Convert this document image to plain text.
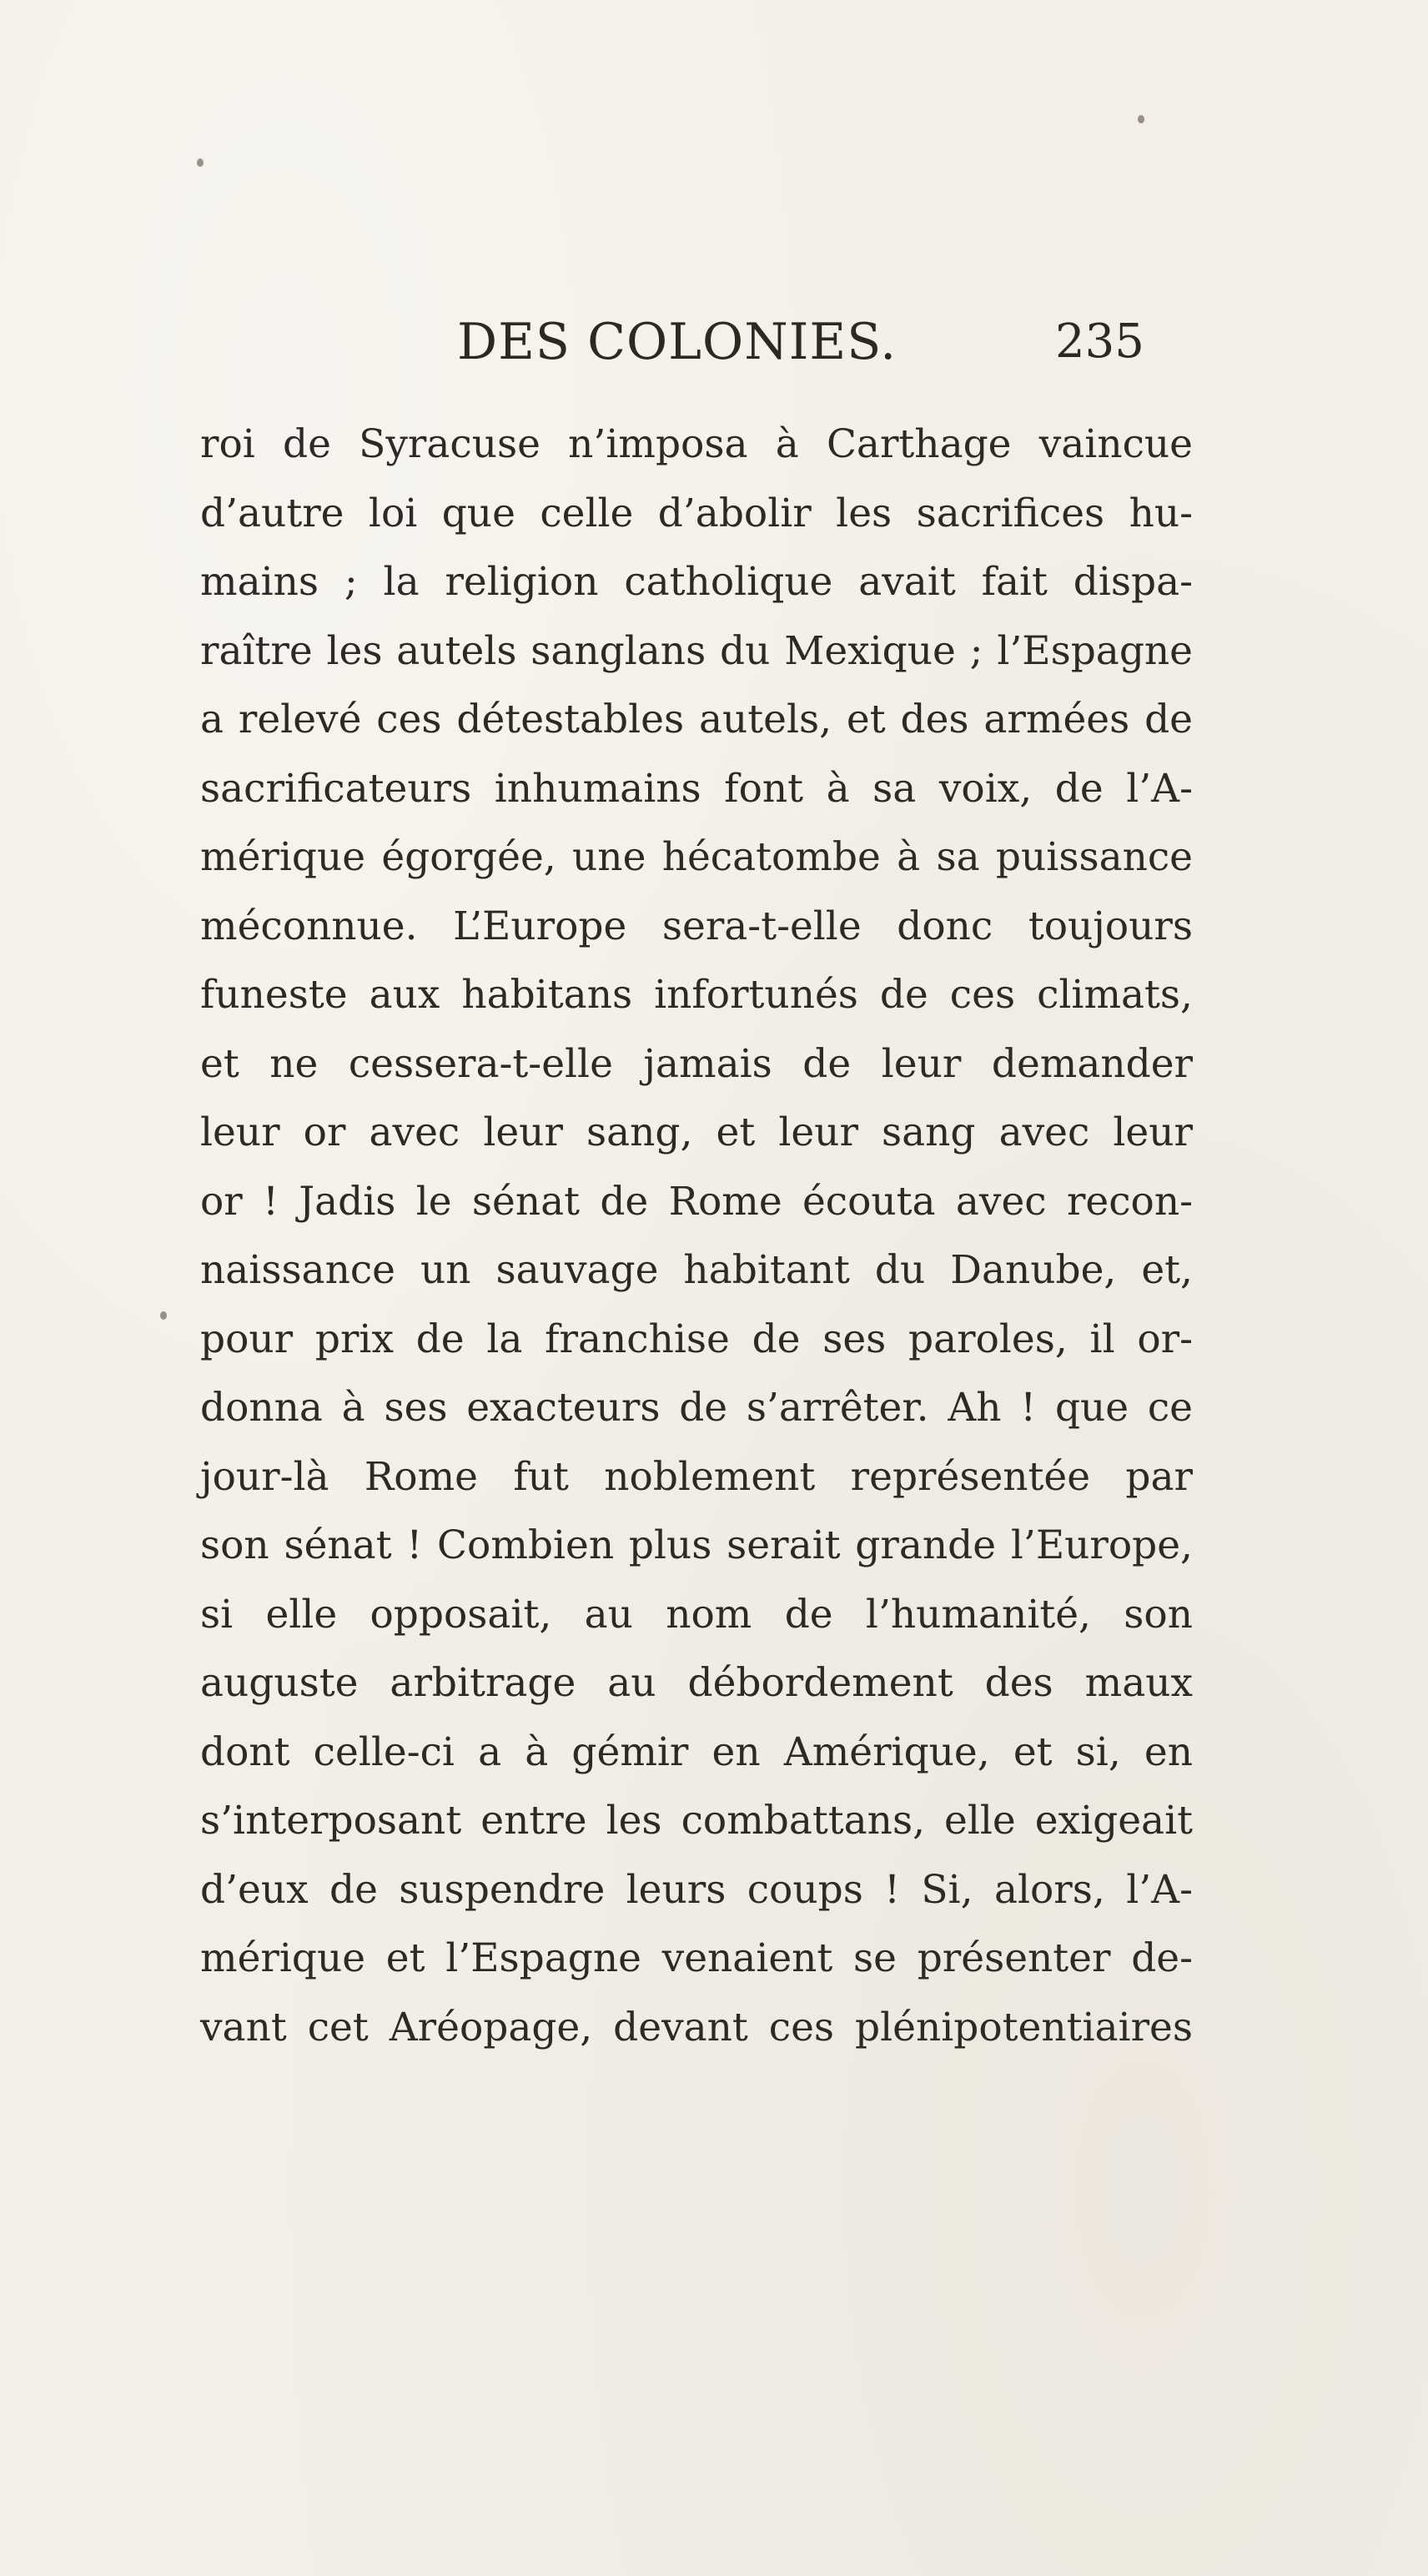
DES COLONIES.	235
roi de Syracuse n’imposa à Carthage vaincue
d’autre loi que celle d’abolir les sacrifices hu-
mains ; la religion catholique avait fait dispa-
raître les autels sanglans du Mexique ; l’Espagne
a relevé ces détestables autels, et des armées de
sacrificateurs inhumains font à sa voix, de l’A-
mérique égorgée, une hécatombe à sa puissance
méconnue. L’Europe sera-t-elle donc toujours
funeste aux habitans infortunés de ces climats,
et ne cessera-t-elle jamais de leur demander
leur or avec leur sang, et leur sang avec leur
or ! Jadis le sénat de Rome écouta avec recon-
naissance un sauvage habitant du Danube, et,
pour prix de la franchise de ses paroles, il or-
donna à ses exacteurs de s’arrêter. Ah ! que ce
jour-là Rome fut noblement représentée par
son sénat ! Combien plus serait grande l’Europe,
si elle opposait, au nom de l’humanité, son
auguste arbitrage au débordement des maux
dont celle-ci a à gémir en Amérique, et si, en
s’interposant entre les combattans, elle exigeait
d’eux de suspendre leurs coups ! Si, alors, l’A-
mérique et l’Espagne venaient se présenter de-
vant cet Aréopage, devant ces plénipotentiaires
